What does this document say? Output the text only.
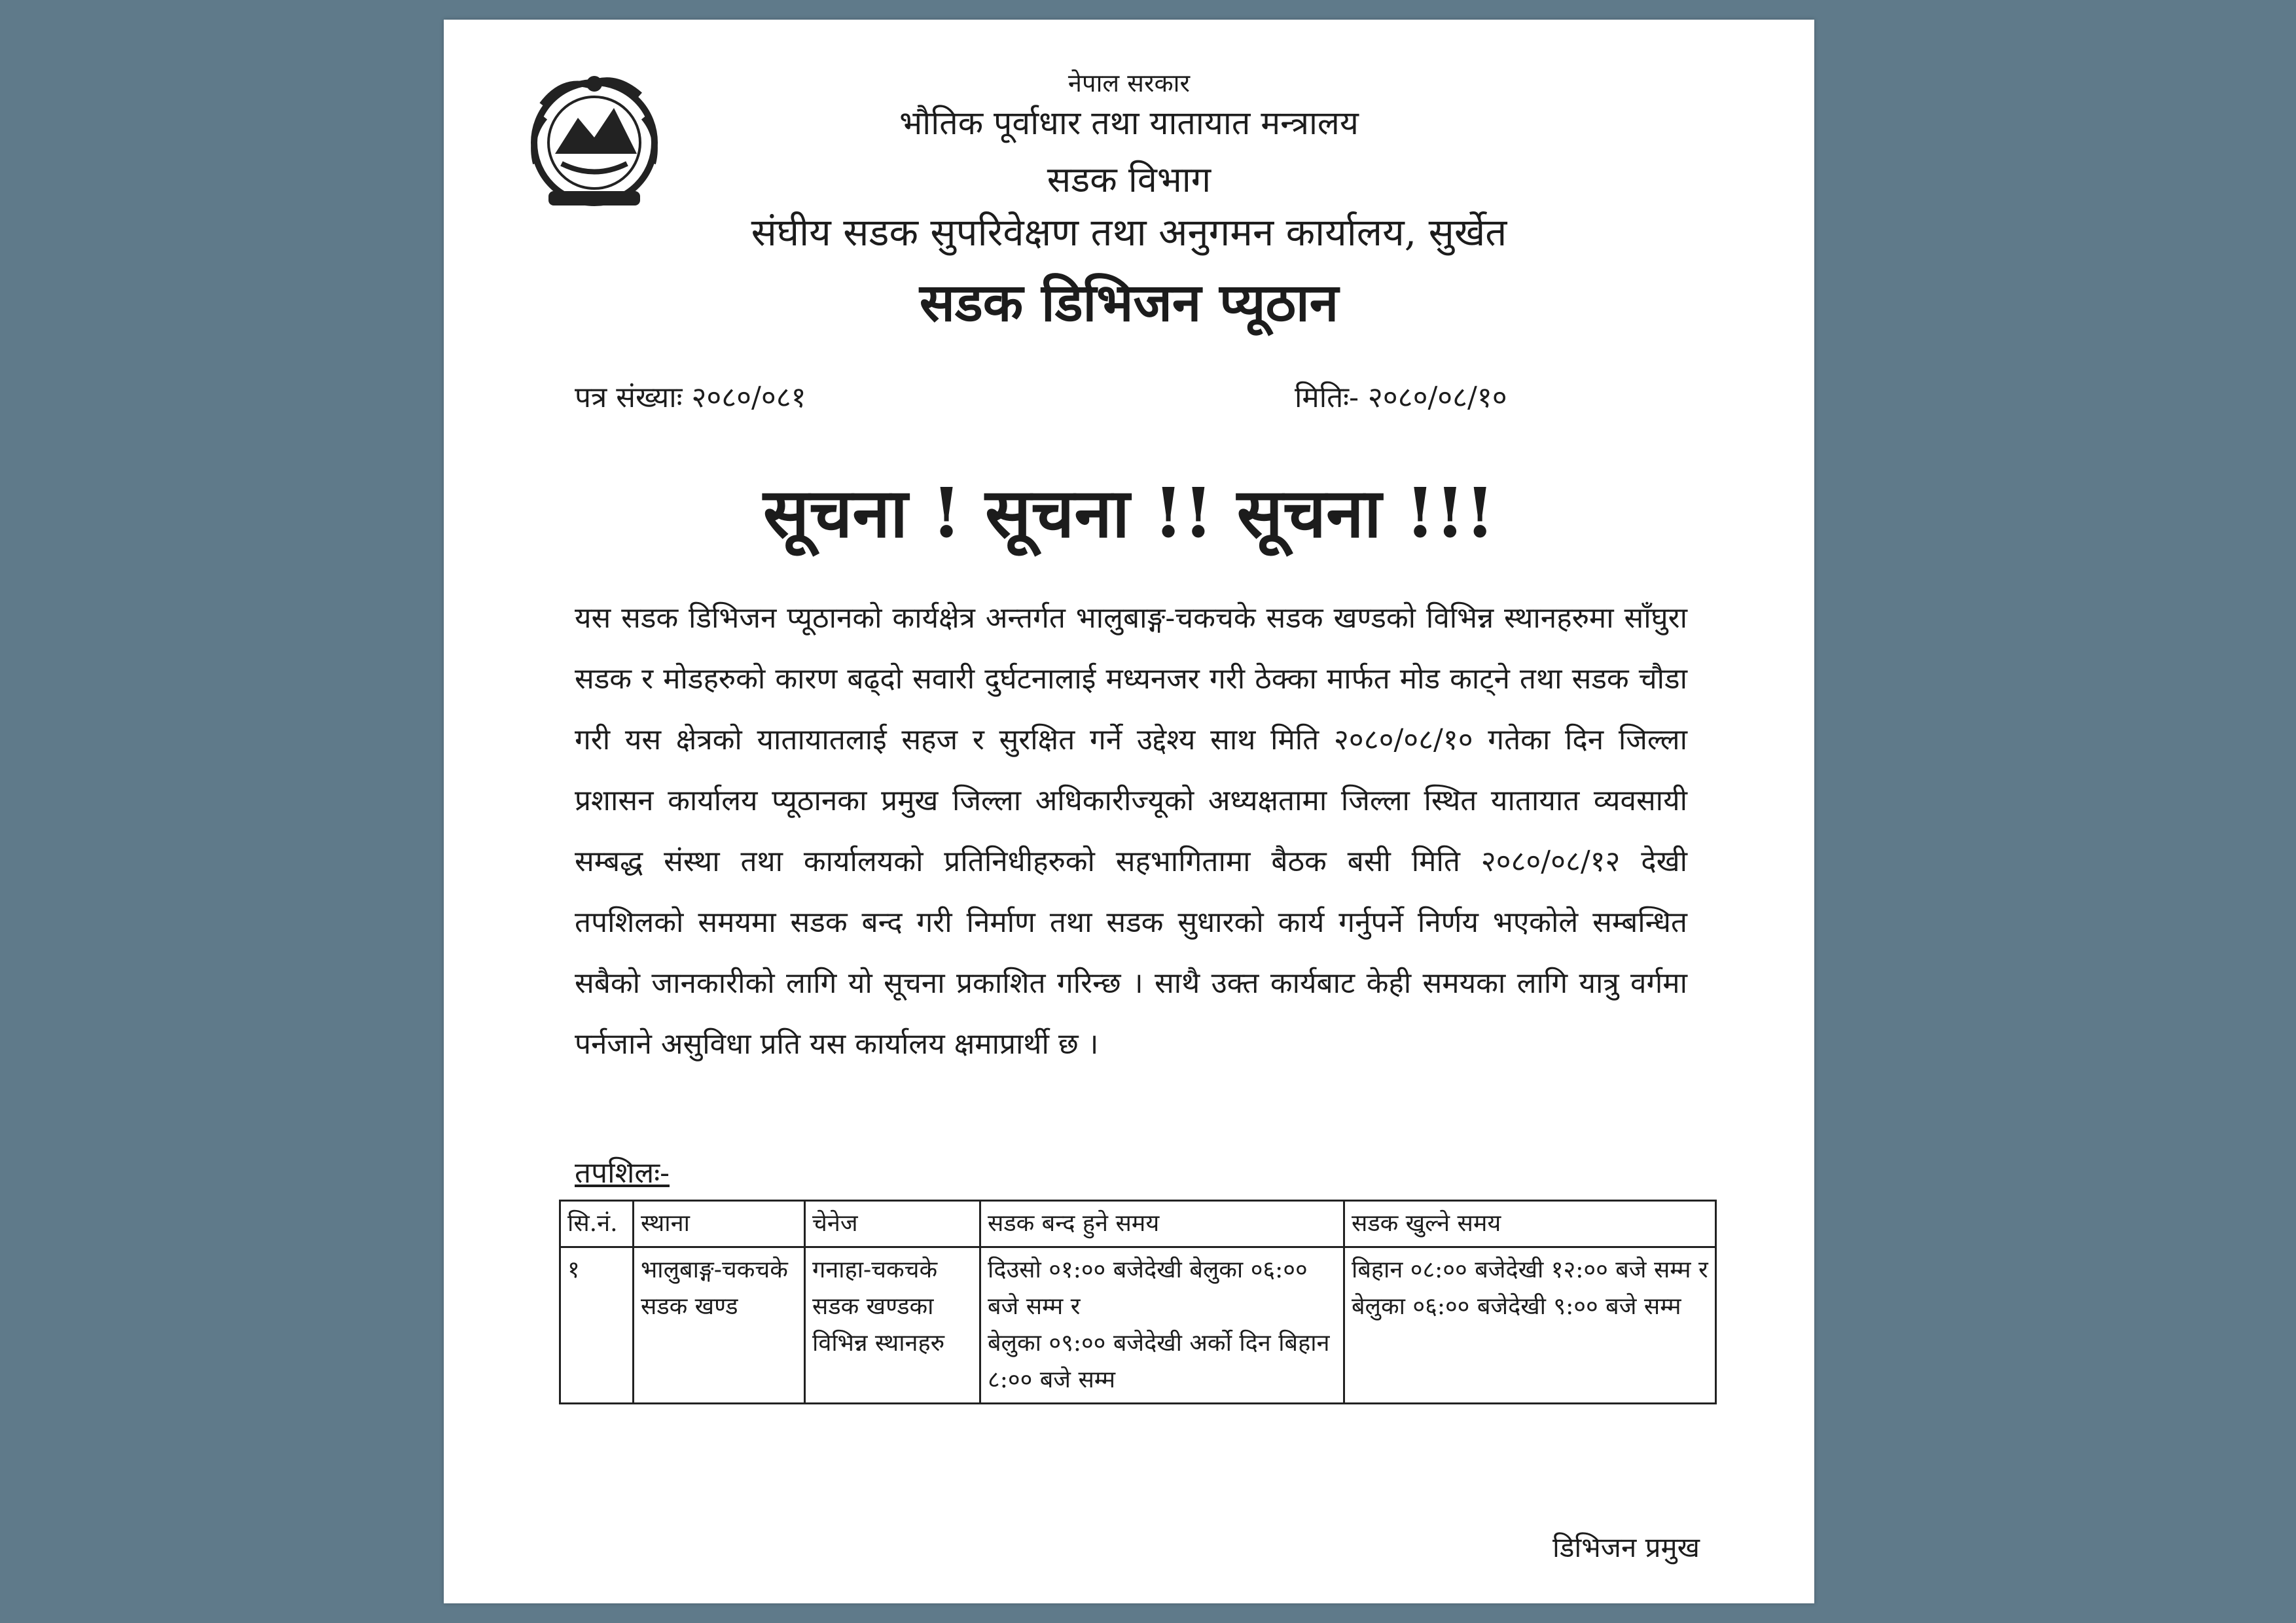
नेपाल सरकार
भौतिक पूर्वाधार तथा यातायात मन्त्रालय
सडक विभाग
संघीय सडक सुपरिवेक्षण तथा अनुगमन कार्यालय, सुर्खेत
सडक डिभिजन प्यूठान
पत्र संख्याः २०८०/०८१	मितिः- २०८०/०८/१०
सूचना ! सूचना !! सूचना !!!
यस सडक डिभिजन प्यूठानको कार्यक्षेत्र अन्तर्गत भालुबाङ्ग-चकचके सडक खण्डको विभिन्न स्थानहरुमा साँघुरा सडक र मोडहरुको कारण बढ्दो सवारी दुर्घटनालाई मध्यनजर गरी ठेक्का मार्फत मोड काट्ने तथा सडक चौडा गरी यस क्षेत्रको यातायातलाई सहज र सुरक्षित गर्ने उद्देश्य साथ मिति २०८०/०८/१० गतेका दिन जिल्ला प्रशासन कार्यालय प्यूठानका प्रमुख जिल्ला अधिकारीज्यूको अध्यक्षतामा जिल्ला स्थित यातायात व्यवसायी सम्बद्ध संस्था तथा कार्यालयको प्रतिनिधीहरुको सहभागितामा बैठक बसी मिति २०८०/०८/१२ देखी तपशिलको समयमा सडक बन्द गरी निर्माण तथा सडक सुधारको कार्य गर्नुपर्ने निर्णय भएकोले सम्बन्धित सबैको जानकारीको लागि यो सूचना प्रकाशित गरिन्छ । साथै उक्त कार्यबाट केही समयका लागि यात्रु वर्गमा पर्नजाने असुविधा प्रति यस कार्यालय क्षमाप्रार्थी छ ।
तपशिलः-
सि.नं.	स्थाना	चेनेज	सडक बन्द हुने समय	सडक खुल्ने समय
१	भालुबाङ्ग-चकचके सडक खण्ड	गनाहा-चकचके सडक खण्डका विभिन्न स्थानहरु	दिउसो ०१:०० बजेदेखी बेलुका ०६:०० बजे सम्म र
बेलुका ०९:०० बजेदेखी अर्को दिन बिहान ८:०० बजे सम्म	बिहान ०८:०० बजेदेखी १२:०० बजे सम्म र
बेलुका ०६:०० बजेदेखी ९:०० बजे सम्म
डिभिजन प्रमुख
